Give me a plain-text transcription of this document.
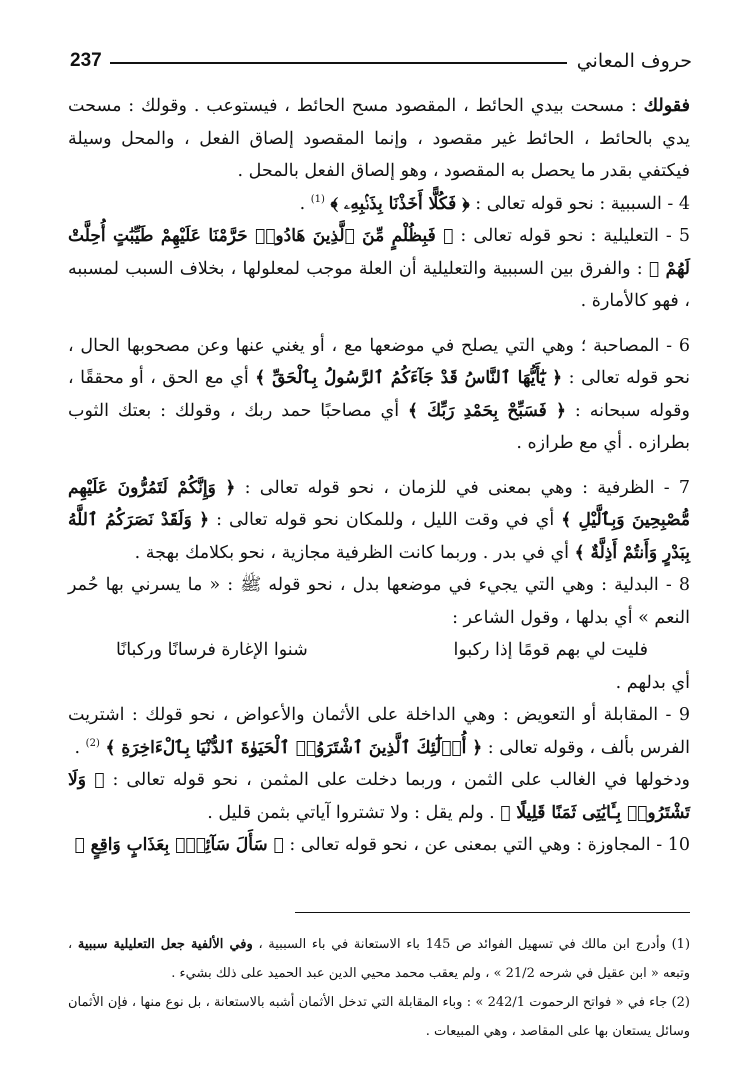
237	حروف المعاني

فقولك : مسحت بيدي الحائط ، المقصود مسح الحائط ، فيستوعب . وقولك : مسحت يدي بالحائط ، الحائط غير مقصود ، وإنما المقصود إلصاق الفعل ، والمحل وسيلة فيكتفي بقدر ما يحصل به المقصود ، وهو إلصاق الفعل بالمحل .

4 - السببية : نحو قوله تعالى : ﴿ فَكُلًّا أَخَذْنَا بِذَنۢبِهِۦ ﴾ $^{(1)}$ .

5 - التعليلية : نحو قوله تعالى : ﴿ فَبِظُلْمٍ مِّنَ ٱلَّذِينَ هَادُوا۟ حَرَّمْنَا عَلَيْهِمْ طَيِّبَٰتٍ أُحِلَّتْ لَهُمْ ﴾ : والفرق بين السببية والتعليلية أن العلة موجب لمعلولها ، بخلاف السبب لمسببه ، فهو كالأمارة .

6 - المصاحبة ؛ وهي التي يصلح في موضعها مع ، أو يغني عنها وعن مصحوبها الحال ، نحو قوله تعالى : ﴿ يَٰٓأَيُّهَا ٱلنَّاسُ قَدْ جَآءَكُمُ ٱلرَّسُولُ بِٱلْحَقِّ ﴾ أي مع الحق ، أو محققًا ، وقوله سبحانه : ﴿ فَسَبِّحْ بِحَمْدِ رَبِّكَ ﴾ أي مصاحبًا حمد ربك ، وقولك : بعتك الثوب بطرازه . أي مع طرازه .

7 - الظرفية : وهي بمعنى في للزمان ، نحو قوله تعالى : ﴿ وَإِنَّكُمْ لَتَمُرُّونَ عَلَيْهِم مُّصْبِحِينَ وَبِٱلَّيْلِ ﴾ أي في وقت الليل ، وللمكان نحو قوله تعالى : ﴿ وَلَقَدْ نَصَرَكُمُ ٱللَّهُ بِبَدْرٍ وَأَنتُمْ أَذِلَّةٌ ﴾ أي في بدر . وربما كانت الظرفية مجازية ، نحو بكلامك بهجة .

8 - البدلية : وهي التي يجيء في موضعها بدل ، نحو قوله ﷺ : « ما يسرني بها حُمر النعم » أي بدلها ، وقول الشاعر :

فليت لي بهم قومًا إذا ركبوا
شنوا الإغارة فرسانًا وركبانًا

أي بدلهم .

9 - المقابلة أو التعويض : وهي الداخلة على الأثمان والأعواض ، نحو قولك : اشتريت الفرس بألف ، وقوله تعالى : ﴿ أُو۟لَٰٓئِكَ ٱلَّذِينَ ٱشْتَرَوُا۟ ٱلْحَيَوٰةَ ٱلدُّنْيَا بِٱلْءَاخِرَةِ ﴾ $^{(2)}$ .

ودخولها في الغالب على الثمن ، وربما دخلت على المثمن ، نحو قوله تعالى : ﴿ وَلَا تَشْتَرُوا۟ بِـَٔايَٰتِى ثَمَنًا قَلِيلًا ﴾ . ولم يقل : ولا تشتروا آياتي بثمن قليل .

10 - المجاوزة : وهي التي بمعنى عن ، نحو قوله تعالى : ﴿ سَأَلَ سَآئِلٌۢ بِعَذَابٍ وَاقِعٍ ﴾

(1) وأدرج ابن مالك في تسهيل الفوائد ص 145 باء الاستعانة في باء السببية ، وفي الألفية جعل التعليلية سببية ، وتبعه « ابن عقيل في شرحه 21/2 » ، ولم يعقب محمد محيي الدين عبد الحميد على ذلك بشيء .

(2) جاء في « فواتح الرحموت 242/1 » : وباء المقابلة التي تدخل الأثمان أشبه بالاستعانة ، بل نوع منها ، فإن الأثمان وسائل يستعان بها على المقاصد ، وهي المبيعات .
